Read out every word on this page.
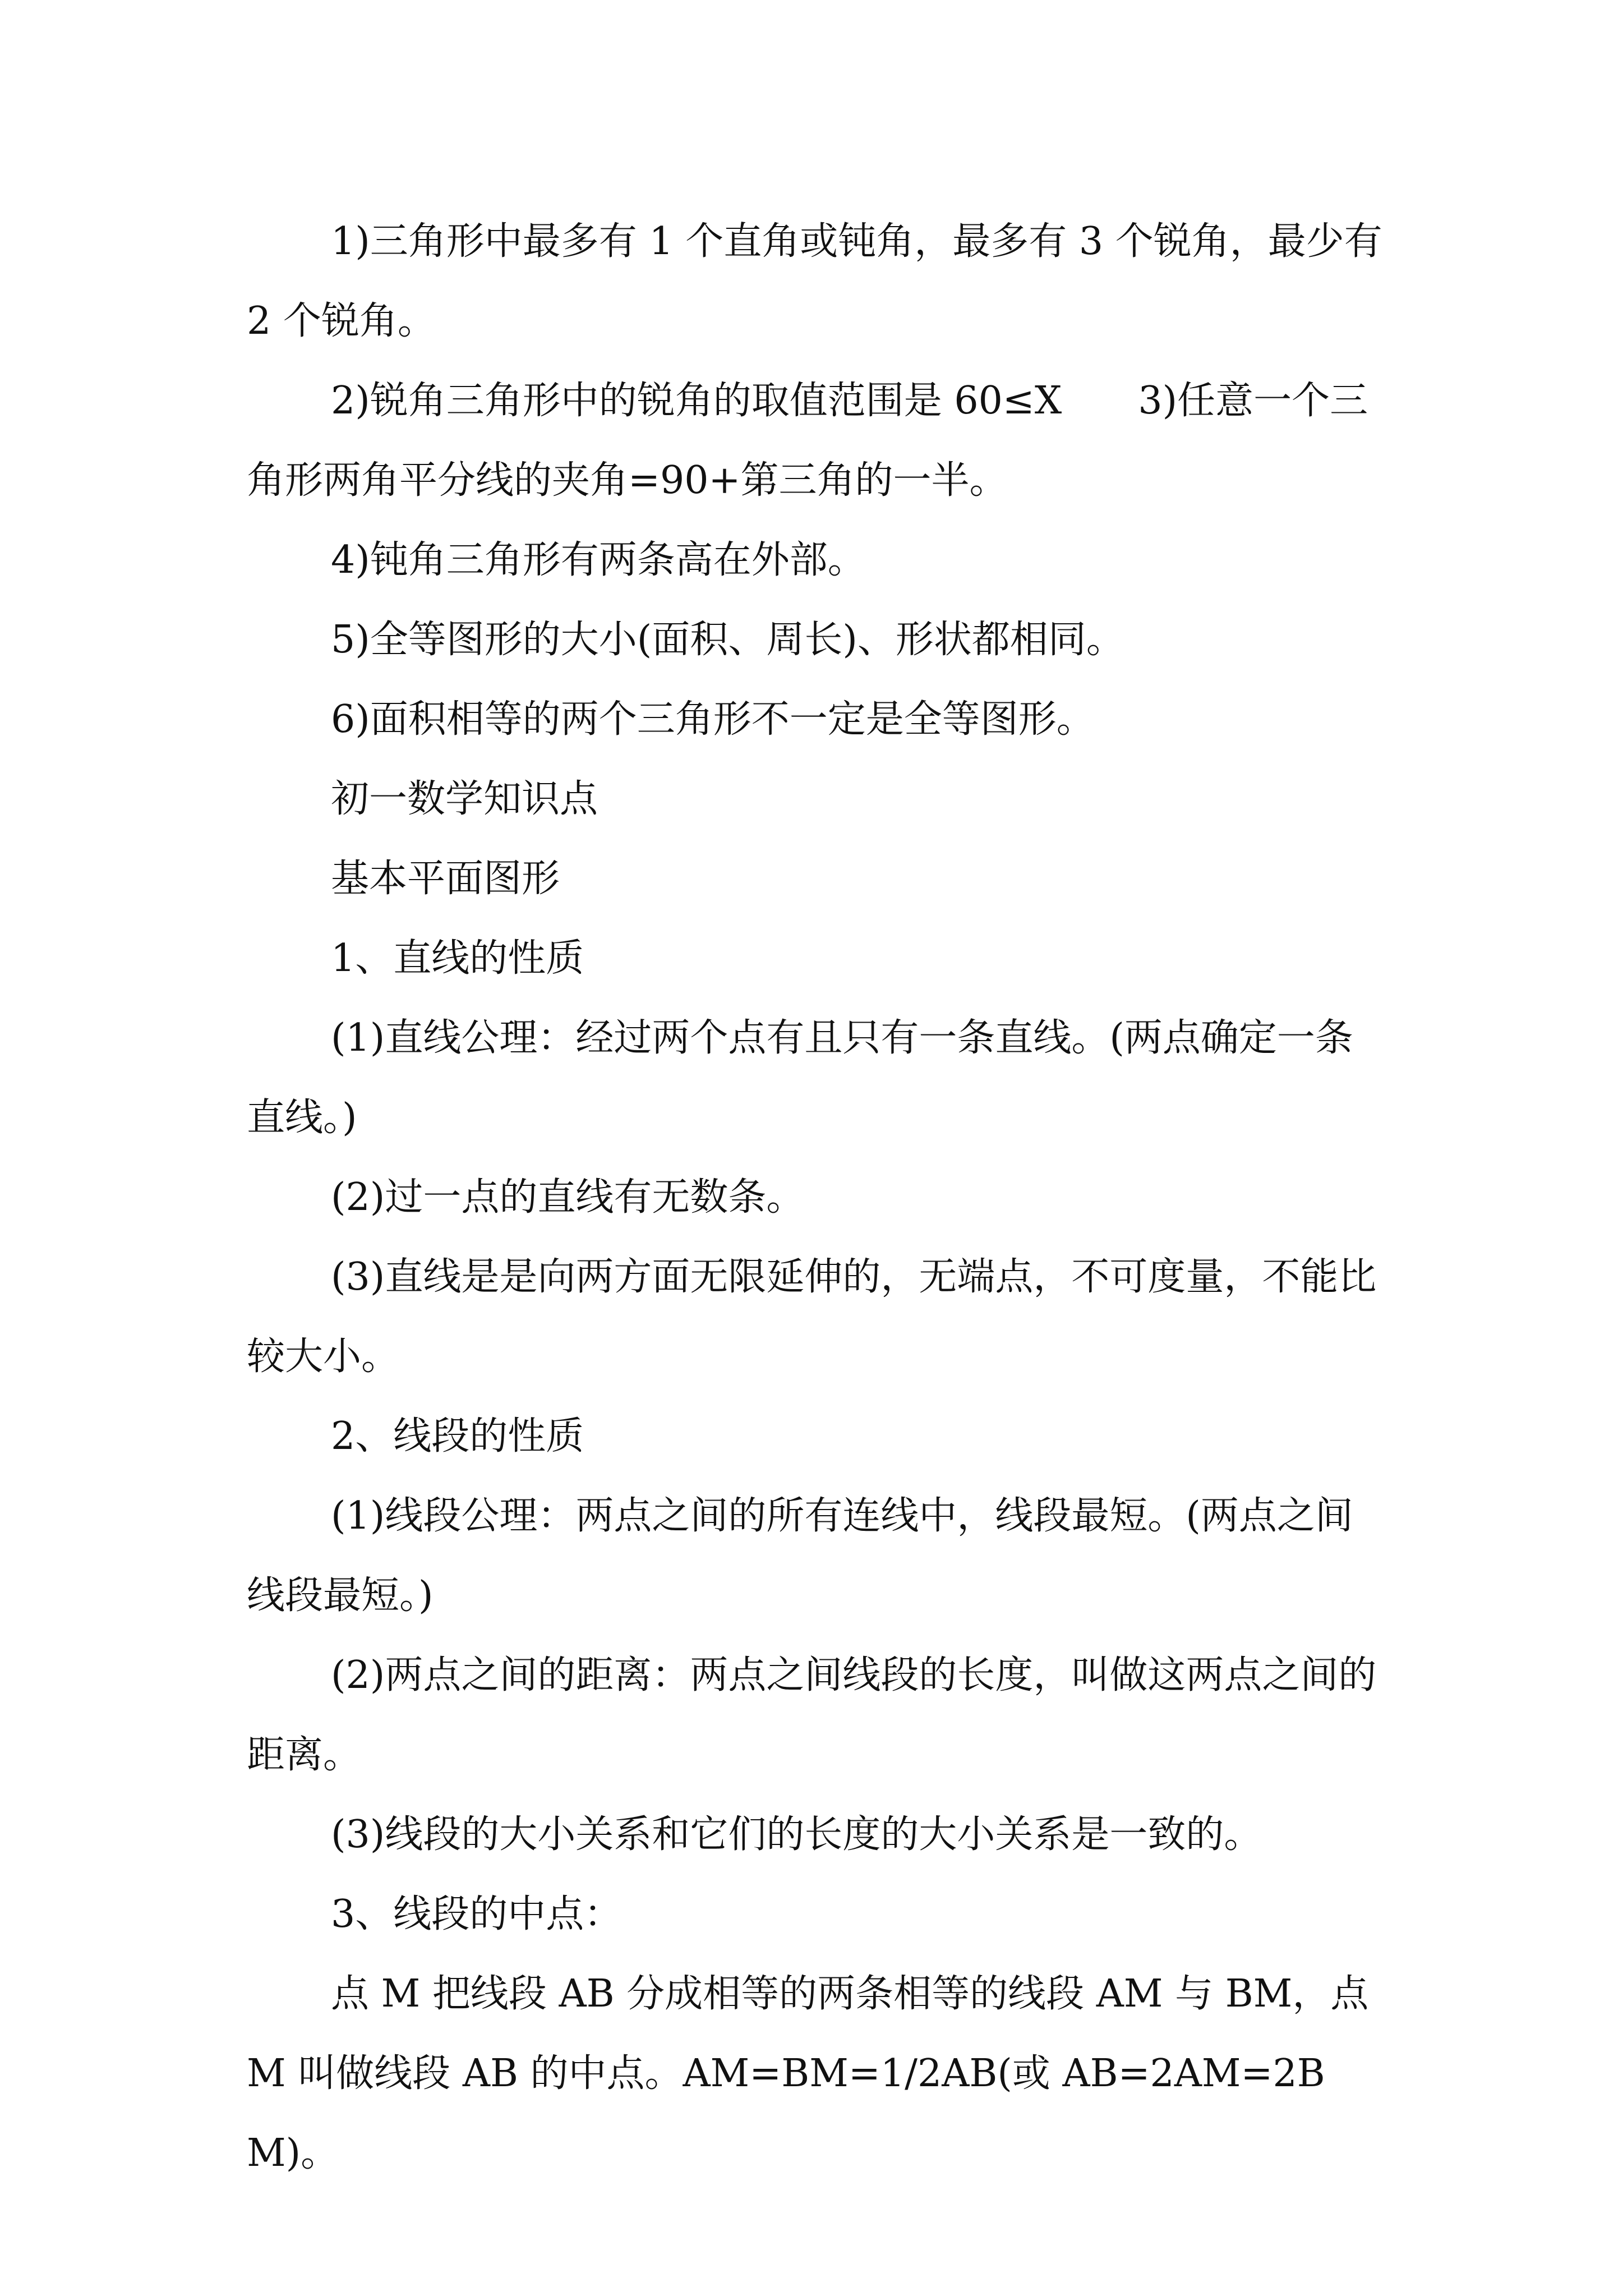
1)三角形中最多有 1 个直角或钝角，最多有 3 个锐角，最少有 2 个锐角。

2)锐角三角形中的锐角的取值范围是 60≤X　　3)任意一个三角形两角平分线的夹角=90+第三角的一半。

4)钝角三角形有两条高在外部。

5)全等图形的大小(面积、周长)、形状都相同。

6)面积相等的两个三角形不一定是全等图形。

初一数学知识点

基本平面图形

1、直线的性质

(1)直线公理：经过两个点有且只有一条直线。(两点确定一条直线。)

(2)过一点的直线有无数条。

(3)直线是是向两方面无限延伸的，无端点，不可度量，不能比较大小。

2、线段的性质

(1)线段公理：两点之间的所有连线中，线段最短。(两点之间线段最短。)

(2)两点之间的距离：两点之间线段的长度，叫做这两点之间的距离。

(3)线段的大小关系和它们的长度的大小关系是一致的。

3、线段的中点：

点 M 把线段 AB 分成相等的两条相等的线段 AM 与 BM，点 M 叫做线段 AB 的中点。AM=BM=1/2AB(或 AB=2AM=2BM)。
